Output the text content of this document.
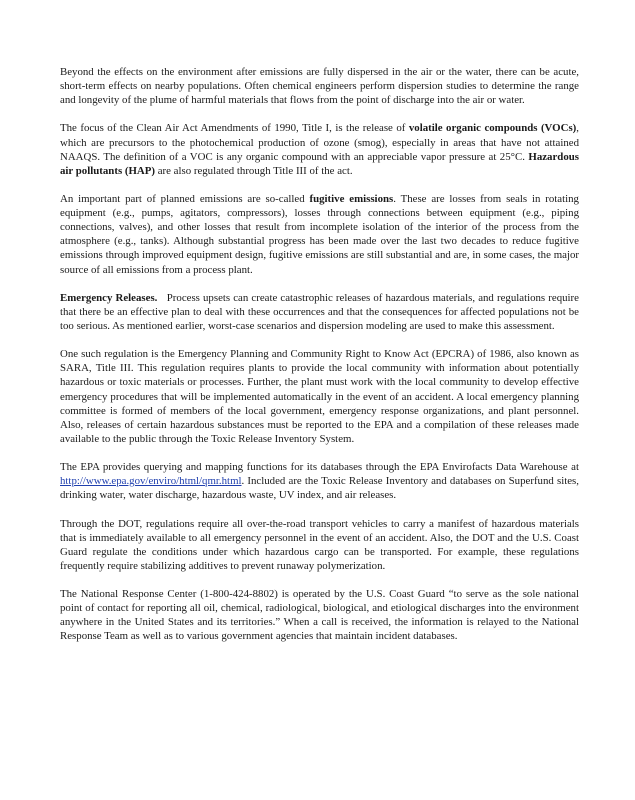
Beyond the effects on the environment after emissions are fully dispersed in the air or the water, there can be acute, short-term effects on nearby populations. Often chemical engineers perform dispersion studies to determine the range and longevity of the plume of harmful materials that flows from the point of discharge into the air or water.

The focus of the Clean Air Act Amendments of 1990, Title I, is the release of volatile organic compounds (VOCs), which are precursors to the photochemical production of ozone (smog), especially in areas that have not attained NAAQS. The definition of a VOC is any organic compound with an appreciable vapor pressure at 25°C. Hazardous air pollutants (HAP) are also regulated through Title III of the act.

An important part of planned emissions are so-called fugitive emissions. These are losses from seals in rotating equipment (e.g., pumps, agitators, compressors), losses through connections between equipment (e.g., piping connections, valves), and other losses that result from incomplete isolation of the interior of the process from the atmosphere (e.g., tanks). Although substantial progress has been made over the last two decades to reduce fugitive emissions through improved equipment design, fugitive emissions are still substantial and are, in some cases, the major source of all emissions from a process plant.

Emergency Releases.   Process upsets can create catastrophic releases of hazardous materials, and regulations require that there be an effective plan to deal with these occurrences and that the consequences for affected populations not be too serious. As mentioned earlier, worst-case scenarios and dispersion modeling are used to make this assessment.

One such regulation is the Emergency Planning and Community Right to Know Act (EPCRA) of 1986, also known as SARA, Title III. This regulation requires plants to provide the local community with information about potentially hazardous or toxic materials or processes. Further, the plant must work with the local community to develop effective emergency procedures that will be implemented automatically in the event of an accident. A local emergency planning committee is formed of members of the local government, emergency response organizations, and plant personnel. Also, releases of certain hazardous substances must be reported to the EPA and a compilation of these releases made available to the public through the Toxic Release Inventory System.

The EPA provides querying and mapping functions for its databases through the EPA Envirofacts Data Warehouse at http://www.epa.gov/enviro/html/qmr.html. Included are the Toxic Release Inventory and databases on Superfund sites, drinking water, water discharge, hazardous waste, UV index, and air releases.

Through the DOT, regulations require all over-the-road transport vehicles to carry a manifest of hazardous materials that is immediately available to all emergency personnel in the event of an accident. Also, the DOT and the U.S. Coast Guard regulate the conditions under which hazardous cargo can be transported. For example, these regulations frequently require stabilizing additives to prevent runaway polymerization.

The National Response Center (1-800-424-8802) is operated by the U.S. Coast Guard “to serve as the sole national point of contact for reporting all oil, chemical, radiological, biological, and etiological discharges into the environment anywhere in the United States and its territories.” When a call is received, the information is relayed to the National Response Team as well as to various government agencies that maintain incident databases.
